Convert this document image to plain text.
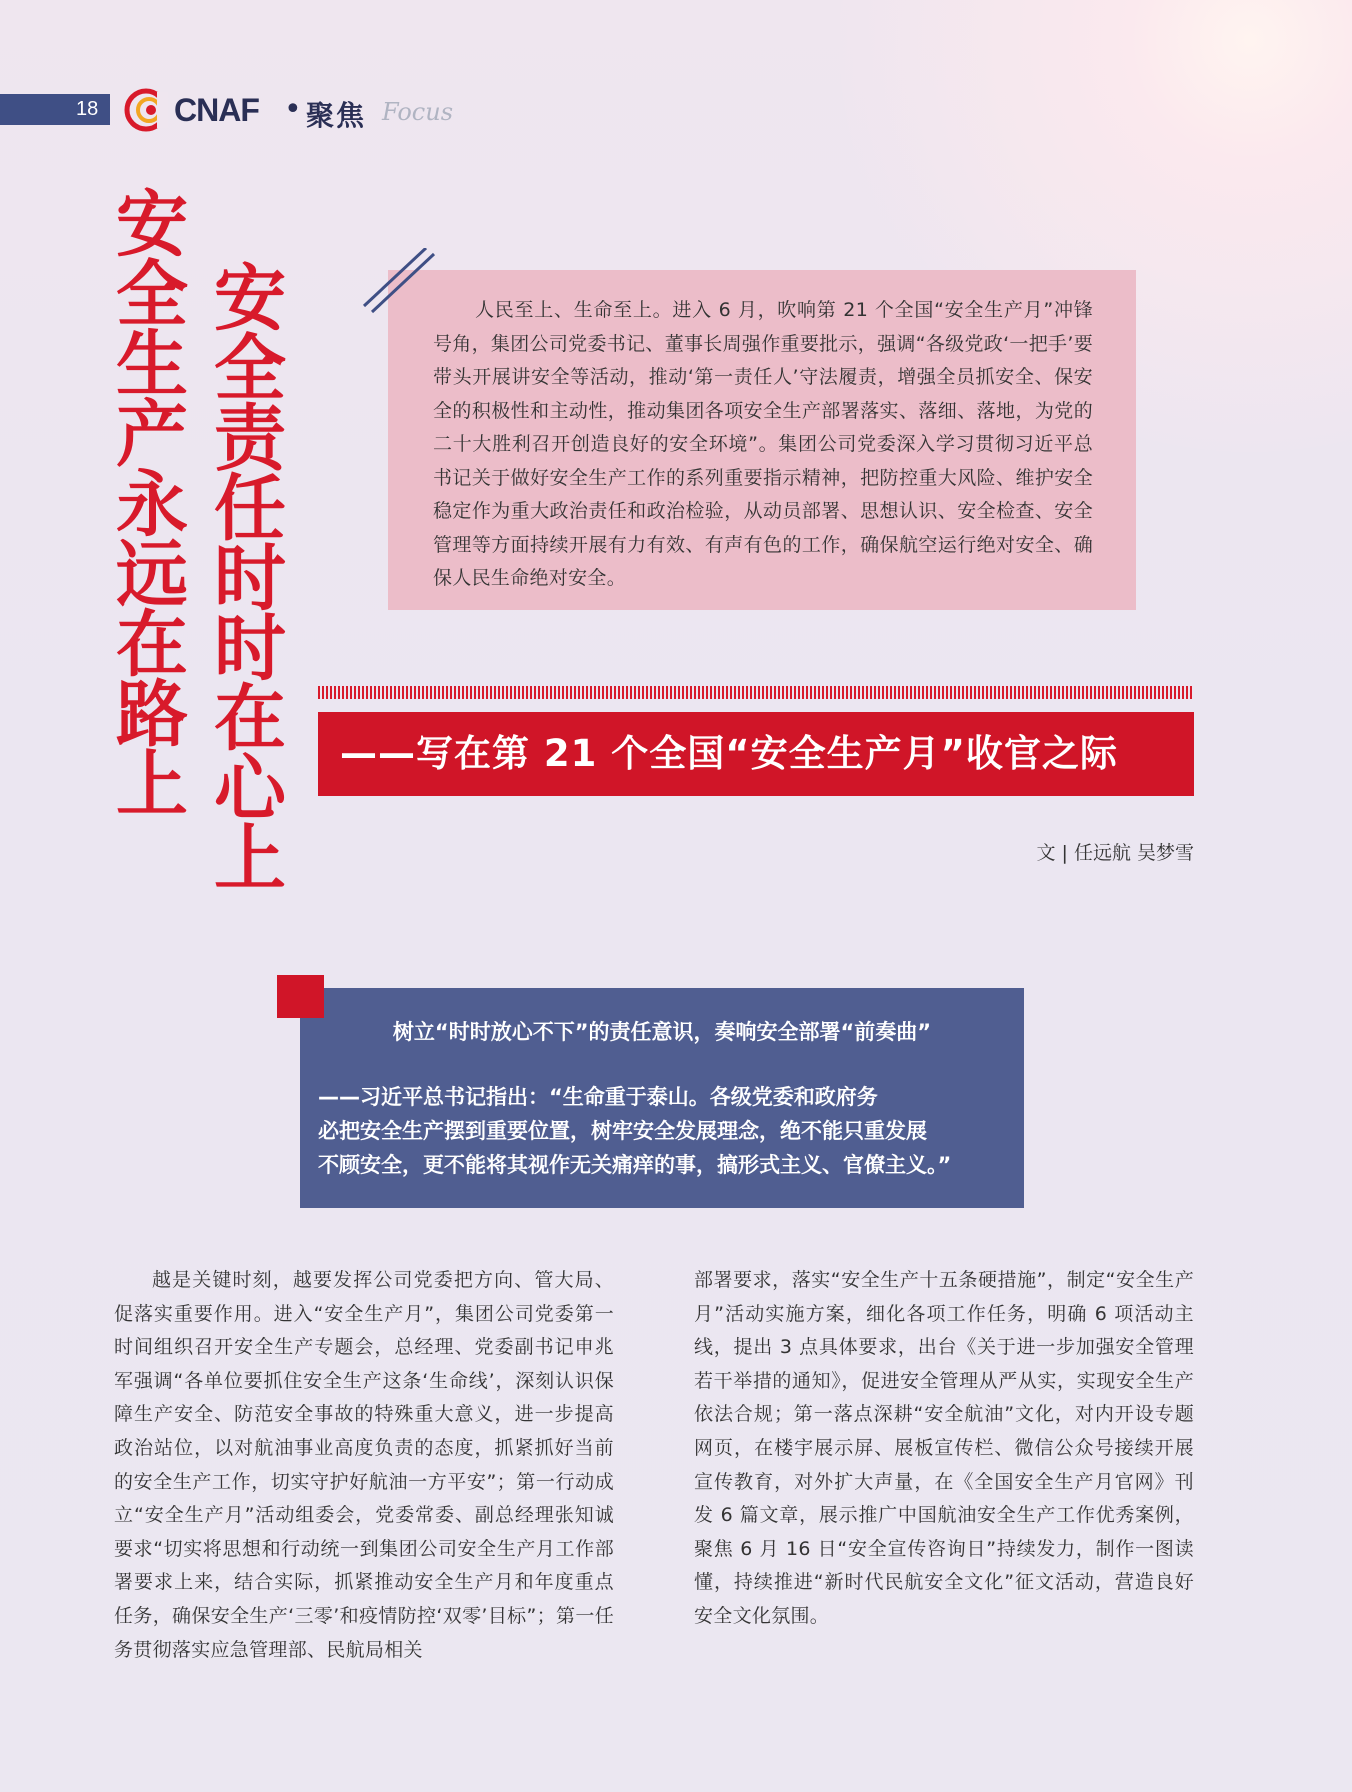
18 CNAF • 聚焦 Focus
安全生产永远在路上 安全责任时时在心上	人民至上、生命至上。进入 6 月，吹响第 21 个全国“安全生产月”冲锋号角，集团公司党委书记、董事长周强作重要批示，强调“各级党政‘一把手’要带头开展讲安全等活动，推动‘第一责任人’守法履责，增强全员抓安全、保安全的积极性和主动性，推动集团各项安全生产部署落实、落细、落地，为党的二十大胜利召开创造良好的安全环境”。集团公司党委深入学习贯彻习近平总书记关于做好安全生产工作的系列重要指示精神，把防控重大风险、维护安全稳定作为重大政治责任和政治检验，从动员部署、思想认识、安全检查、安全管理等方面持续开展有力有效、有声有色的工作，确保航空运行绝对安全、确保人民生命绝对安全。
——写在第 21 个全国“安全生产月”收官之际
文 | 任远航 吴梦雪
树立“时时放心不下”的责任意识，奏响安全部署“前奏曲”

——习近平总书记指出：“生命重于泰山。各级党委和政府务

必把安全生产摆到重要位置，树牢安全发展理念，绝不能只重发展

不顾安全，更不能将其视作无关痛痒的事，搞形式主义、官僚主义。”

越是关键时刻，越要发挥公司党委把方向、管大局、促落实重要作用。进入“安全生产月”，集团公司党委第一时间组织召开安全生产专题会，总经理、党委副书记申兆军强调“各单位要抓住安全生产这条‘生命线’，深刻认识保障生产安全、防范安全事故的特殊重大意义，进一步提高政治站位，以对航油事业高度负责的态度，抓紧抓好当前的安全生产工作，切实守护好航油一方平安”；第一行动成立“安全生产月”活动组委会，党委常委、副总经理张知诚要求“切实将思想和行动统一到集团公司安全生产月工作部署要求上来，结合实际，抓紧推动安全生产月和年度重点任务，确保安全生产‘三零’和疫情防控‘双零’目标”；第一任务贯彻落实应急管理部、民航局相关
部署要求，落实“安全生产十五条硬措施”，制定“安全生产月”活动实施方案，细化各项工作任务，明确 6 项活动主线，提出 3 点具体要求，出台《关于进一步加强安全管理若干举措的通知》，促进安全管理从严从实，实现安全生产依法合规；第一落点深耕“安全航油”文化，对内开设专题网页，在楼宇展示屏、展板宣传栏、微信公众号接续开展宣传教育，对外扩大声量，在《全国安全生产月官网》刊发 6 篇文章，展示推广中国航油安全生产工作优秀案例，聚焦 6 月 16 日“安全宣传咨询日”持续发力，制作一图读懂，持续推进“新时代民航安全文化”征文活动，营造良好安全文化氛围。
